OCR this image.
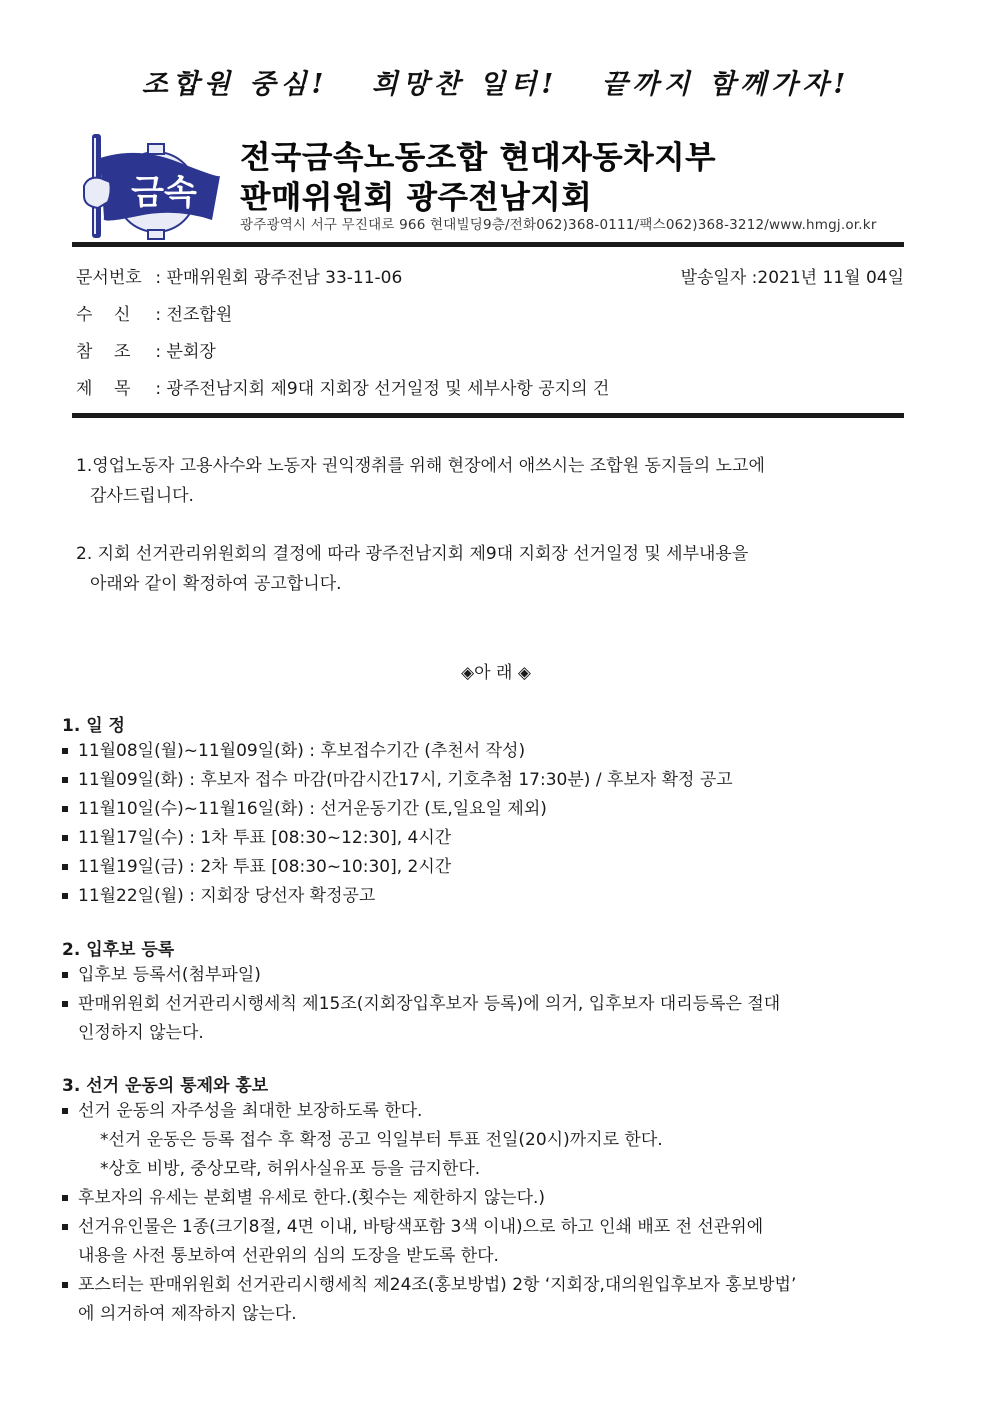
조합원 중심!   희망찬 일터!   끝까지 함께가자!
금속
전국금속노동조합 현대자동차지부
판매위원회 광주전남지회
광주광역시 서구 무진대로 966 현대빌딩9층/전화062)368-0111/팩스062)368-3212/www.hmgj.or.kr
문서번호 : 판매위원회 광주전남 33-11-06	발송일자 :2021년 11월 04일
수    신 : 전조합원
참    조 : 분회장
제    목 : 광주전남지회 제9대 지회장 선거일정 및 세부사항 공지의 건
1.영업노동자 고용사수와 노동자 권익쟁취를 위해 현장에서 애쓰시는 조합원 동지들의 노고에
감사드립니다.
2. 지회 선거관리위원회의 결정에 따라 광주전남지회 제9대 지회장 선거일정 및 세부내용을
아래와 같이 확정하여 공고합니다.
◈아 래 ◈
1. 일 정
11월08일(월)~11월09일(화) : 후보접수기간 (추천서 작성)
11월09일(화) : 후보자 접수 마감(마감시간17시, 기호추첨 17:30분) / 후보자 확정 공고
11월10일(수)~11월16일(화) : 선거운동기간 (토,일요일 제외)
11월17일(수) : 1차 투표 [08:30~12:30], 4시간
11월19일(금) : 2차 투표 [08:30~10:30], 2시간
11월22일(월) : 지회장 당선자 확정공고
2. 입후보 등록
입후보 등록서(첨부파일)
판매위원회 선거관리시행세칙 제15조(지회장입후보자 등록)에 의거, 입후보자 대리등록은 절대
인정하지 않는다.
3. 선거 운동의 통제와 홍보
선거 운동의 자주성을 최대한 보장하도록 한다.
*선거 운동은 등록 접수 후 확정 공고 익일부터 투표 전일(20시)까지로 한다.
*상호 비방, 중상모략, 허위사실유포 등을 금지한다.
후보자의 유세는 분회별 유세로 한다.(횟수는 제한하지 않는다.)
선거유인물은 1종(크기8절, 4면 이내, 바탕색포함 3색 이내)으로 하고 인쇄 배포 전 선관위에
내용을 사전 통보하여 선관위의 심의 도장을 받도록 한다.
포스터는 판매위원회 선거관리시행세칙 제24조(홍보방법) 2항 ‘지회장,대의원입후보자 홍보방법’
에 의거하여 제작하지 않는다.
